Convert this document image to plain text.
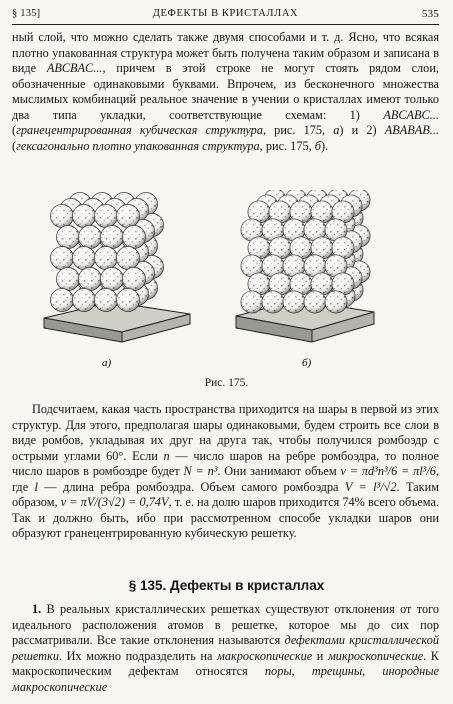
§ 135]	ДЕФЕКТЫ В КРИСТАЛЛАХ	535

ный слой, что можно сделать также двумя способами и т. д. Ясно, что всякая плотно упакованная структура может быть получена таким образом и записана в виде ABCBAC..., причем в этой строке не могут стоять рядом слои, обозначенные одинаковыми буквами. Впрочем, из бесконечного множества мыслимых комбинаций реальное значение в учении о кристаллах имеют только два типа укладки, соответствующие схемам: 1) ABCABC... (гранецентрированная кубическая структура, рис. 175, а) и 2) ABABAB... (гексагонально плотно упакованная структура, рис. 175, б).

а)	б)
Рис. 175.

Подсчитаем, какая часть пространства приходится на шары в первой из этих структур. Для этого, предполагая шары одинаковыми, будем строить все слои в виде ромбов, укладывая их друг на друга так, чтобы получился ромбоэдр с острыми углами 60°. Если n — число шаров на ребре ромбоэдра, то полное число шаров в ромбоэдре будет N = n³. Они занимают объем v = πd³n³/6 = πl³/6, где l — длина ребра ромбоэдра. Объем самого ромбоэдра V = l³/√2. Таким образом, v = πV/(3√2) = 0,74V, т. е. на долю шаров приходится 74% всего объема. Так и должно быть, ибо при рассмотренном способе укладки шаров они образуют гранецентрированную кубическую решетку.

§ 135. Дефекты в кристаллах

1. В реальных кристаллических решетках существуют отклонения от того идеального расположения атомов в решетке, которое мы до сих пор рассматривали. Все такие отклонения называются дефектами кристаллической решетки. Их можно подразделить на макроскопические и микроскопические. К макроскопическим дефектам относятся поры, трещины, инородные макроскопические
